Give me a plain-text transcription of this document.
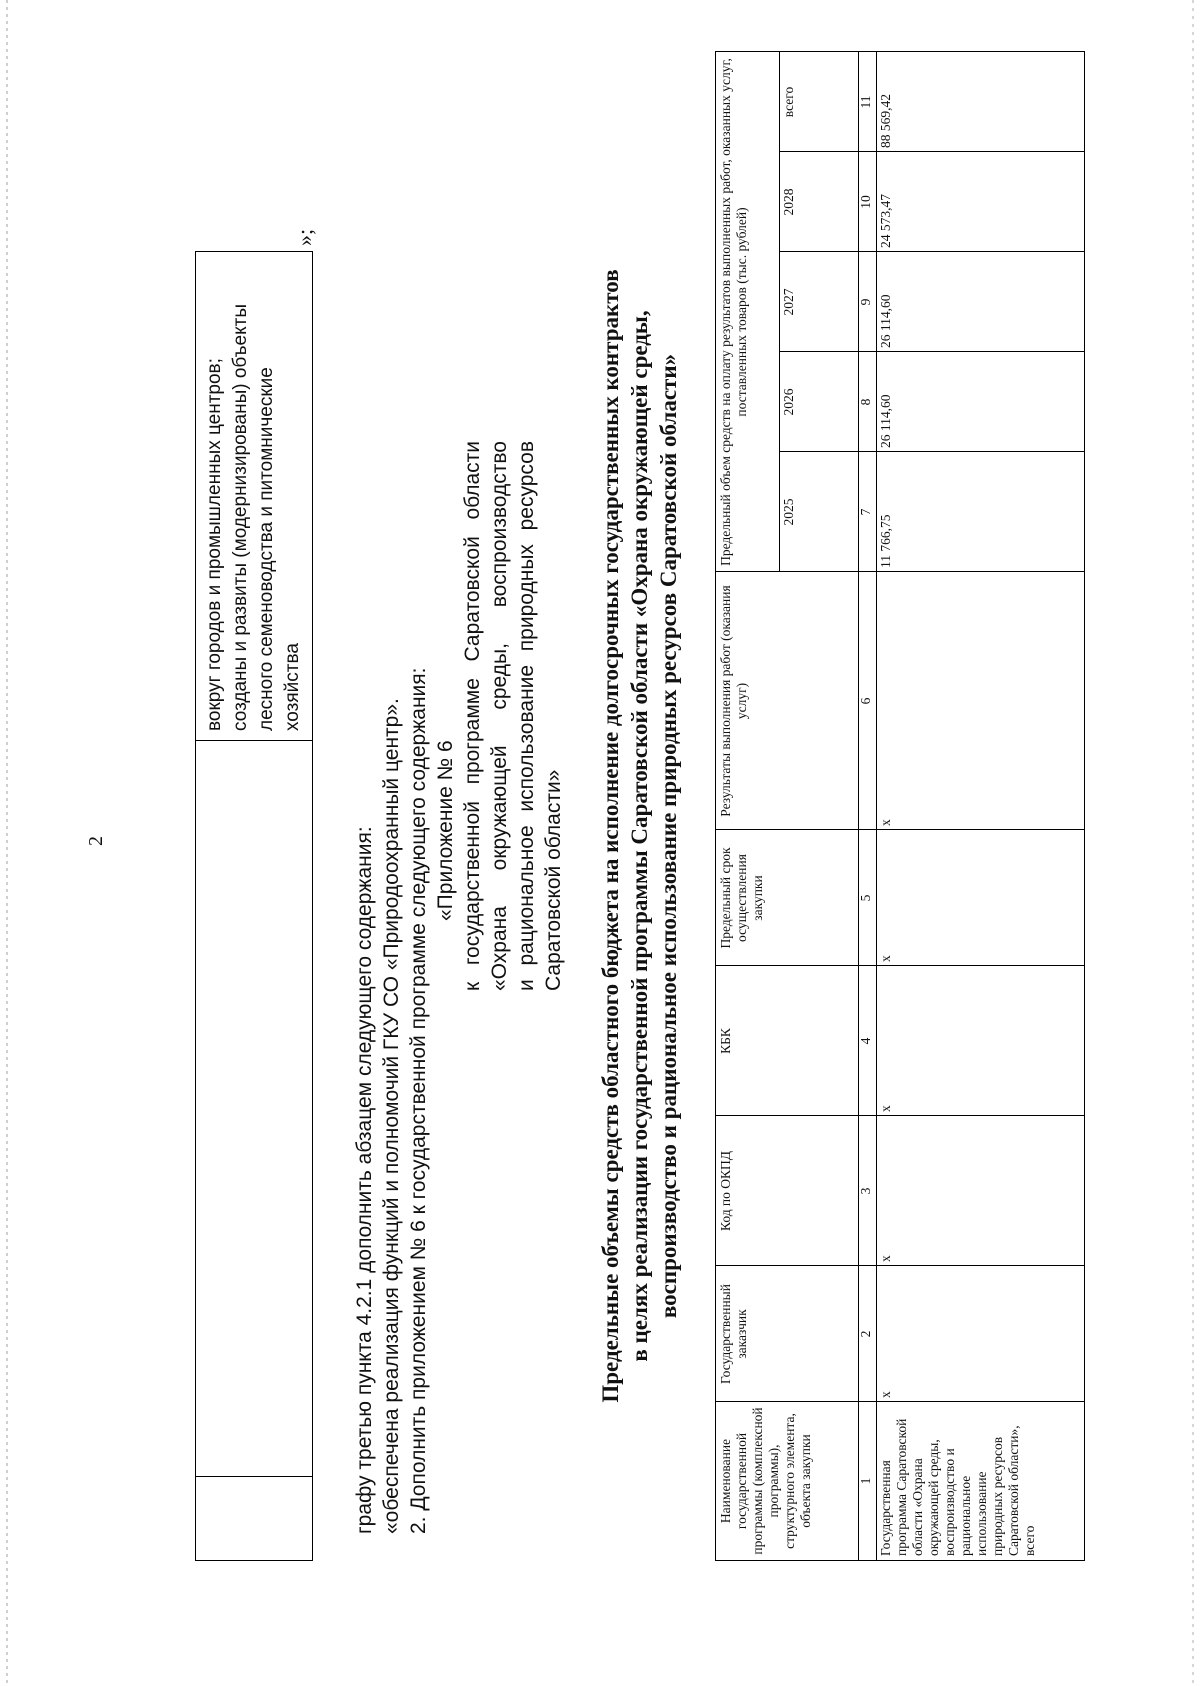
2
вокруг городов и промышленных центров; созданы и развиты (модернизированы) объекты лесного семеноводства и питомнические хозяйства
»;
графу третью пункта 4.2.1 дополнить абзацем следующего содержания: «обеспечена реализация функций и полномочий ГКУ СО «Природоохранный центр». 2. Дополнить приложением № 6 к государственной программе следующего содержания: «Приложение № 6 к государственной программе Саратовской области «Охрана окружающей среды, воспроизводство и рациональное использование природных ресурсов Саратовской области» Предельные объемы средств областного бюджета на исполнение долгосрочных государственных контрактов в целях реализации государственной программы Саратовской области «Охрана окружающей среды, воспроизводство и рациональное использование природных ресурсов Саратовской области»
Наименование государственной программы (комплексной программы), структурного элемента, объекта закупки
Государственный заказчик
Код по ОКПД
КБК
Предельный срок осуществления закупки
Результаты выполнения работ (оказания услуг)
Предельный объем средств на оплату результатов выполненных работ, оказанных услуг, поставленных товаров (тыс. рублей)
2025
2026
2027
2028
всего
1
2
3
4
5
6
7
8
9
10
11
Государственная программа Саратовской области «Охрана окружающей среды, воспроизводство и рациональное использование природных ресурсов Саратовской области», всего
х
х
х
х
х
11 766,75
26 114,60
26 114,60
24 573,47
88 569,42
